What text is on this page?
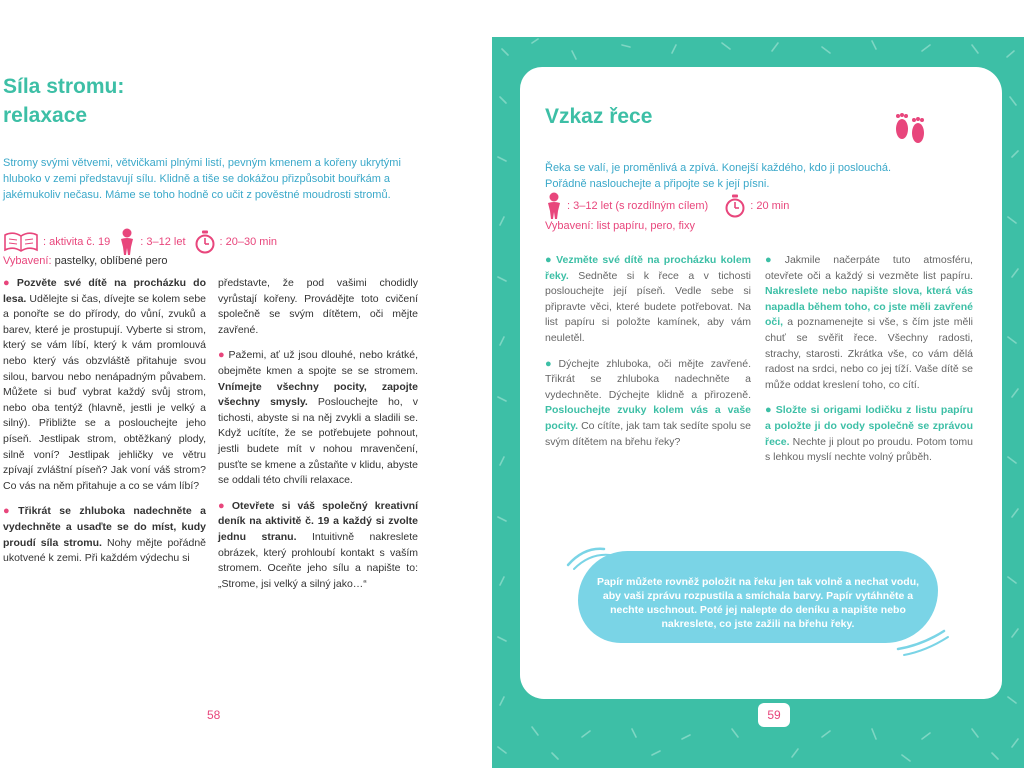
Síla stromu:
relaxace
Stromy svými větvemi, větvičkami plnými listí, pevným kmenem a kořeny ukrytými hluboko v zemi představují sílu. Klidně a tiše se dokážou přizpůsobit bouřkám a jakémukoliv nečasu. Máme se toho hodně co učit z pověstné moudrosti stromů.
: aktivita č. 19	: 3–12 let	: 20–30 min
Vybavení: pastelky, oblíbené pero

● Pozvěte své dítě na procházku do lesa. Udělejte si čas, dívejte se kolem sebe a ponořte se do přírody, do vůní, zvuků a barev, které je prostupují. Vyberte si strom, který se vám líbí, který k vám promlouvá nebo který vás obzvláště přitahuje svou silou, barvou nebo nenápadným půvabem. Můžete si buď vybrat každý svůj strom, nebo oba tentýž (hlavně, jestli je velký a silný). Přibližte se a poslouchejte jeho píseň. Jestlipak strom, obtěžkaný plody, silně voní? Jestlipak jehličky ve větru zpívají zvláštní píseň? Jak voní váš strom? Co vás na něm přitahuje a co se vám líbí?

● Třikrát se zhluboka nadechněte a vydechněte a usaďte se do míst, kudy proudí síla stromu. Nohy mějte pořádně ukotvené k zemi. Při každém výdechu si

představte, že pod vašimi chodidly vyrůstají kořeny. Provádějte toto cvičení společně se svým dítětem, oči mějte zavřené.

● Pažemi, ať už jsou dlouhé, nebo krátké, obejměte kmen a spojte se se stromem. Vnímejte všechny pocity, zapojte všechny smysly. Poslouchejte ho, v tichosti, abyste si na něj zvykli a sladili se. Když ucítíte, že se potřebujete pohnout, jestli budete mít v nohou mravenčení, pusťte se kmene a zůstaňte v klidu, abyste se oddali této chvíli relaxace.

● Otevřete si váš společný kreativní deník na aktivitě č. 19 a každý si zvolte jednu stranu. Intuitivně nakreslete obrázek, který prohloubí kontakt s vaším stromem. Oceňte jeho sílu a napište to: „Strome, jsi velký a silný jako…“

58
Vzkaz řece
Řeka se valí, je proměnlivá a zpívá. Konejší každého, kdo ji poslouchá. Pořádně naslouchejte a připojte se k její písni.
: 3–12 let (s rozdílným cílem)	: 20 min
Vybavení: list papíru, pero, fixy

● Vezměte své dítě na procházku kolem řeky. Sedněte si k řece a v tichosti poslouchejte její píseň. Vedle sebe si připravte věci, které budete potřebovat. Na list papíru si položte kamínek, aby vám neuletěl.

● Dýchejte zhluboka, oči mějte zavřené. Třikrát se zhluboka nadechněte a vydechněte. Dýchejte klidně a přirozeně. Poslouchejte zvuky kolem vás a vaše pocity. Co cítíte, jak tam tak sedíte spolu se svým dítětem na břehu řeky?

● Jakmile načerpáte tuto atmosféru, otevřete oči a každý si vezměte list papíru. Nakreslete nebo napište slova, která vás napadla během toho, co jste měli zavřené oči, a poznamenejte si vše, s čím jste měli chuť se svěřit řece. Všechny radosti, strachy, starosti. Zkrátka vše, co vám dělá radost na srdci, nebo co jej tíží. Vaše dítě se může oddat kreslení toho, co cítí.

● Složte si origami lodičku z listu papíru a položte ji do vody společně se zprávou řece. Nechte ji plout po proudu. Potom tomu s lehkou myslí nechte volný průběh.

Papír můžete rovněž položit na řeku jen tak volně a nechat vodu, aby vaši zprávu rozpustila a smíchala barvy. Papír vytáhněte a nechte uschnout. Poté jej nalepte do deníku a napište nebo nakreslete, co jste zažili na břehu řeky.
59
